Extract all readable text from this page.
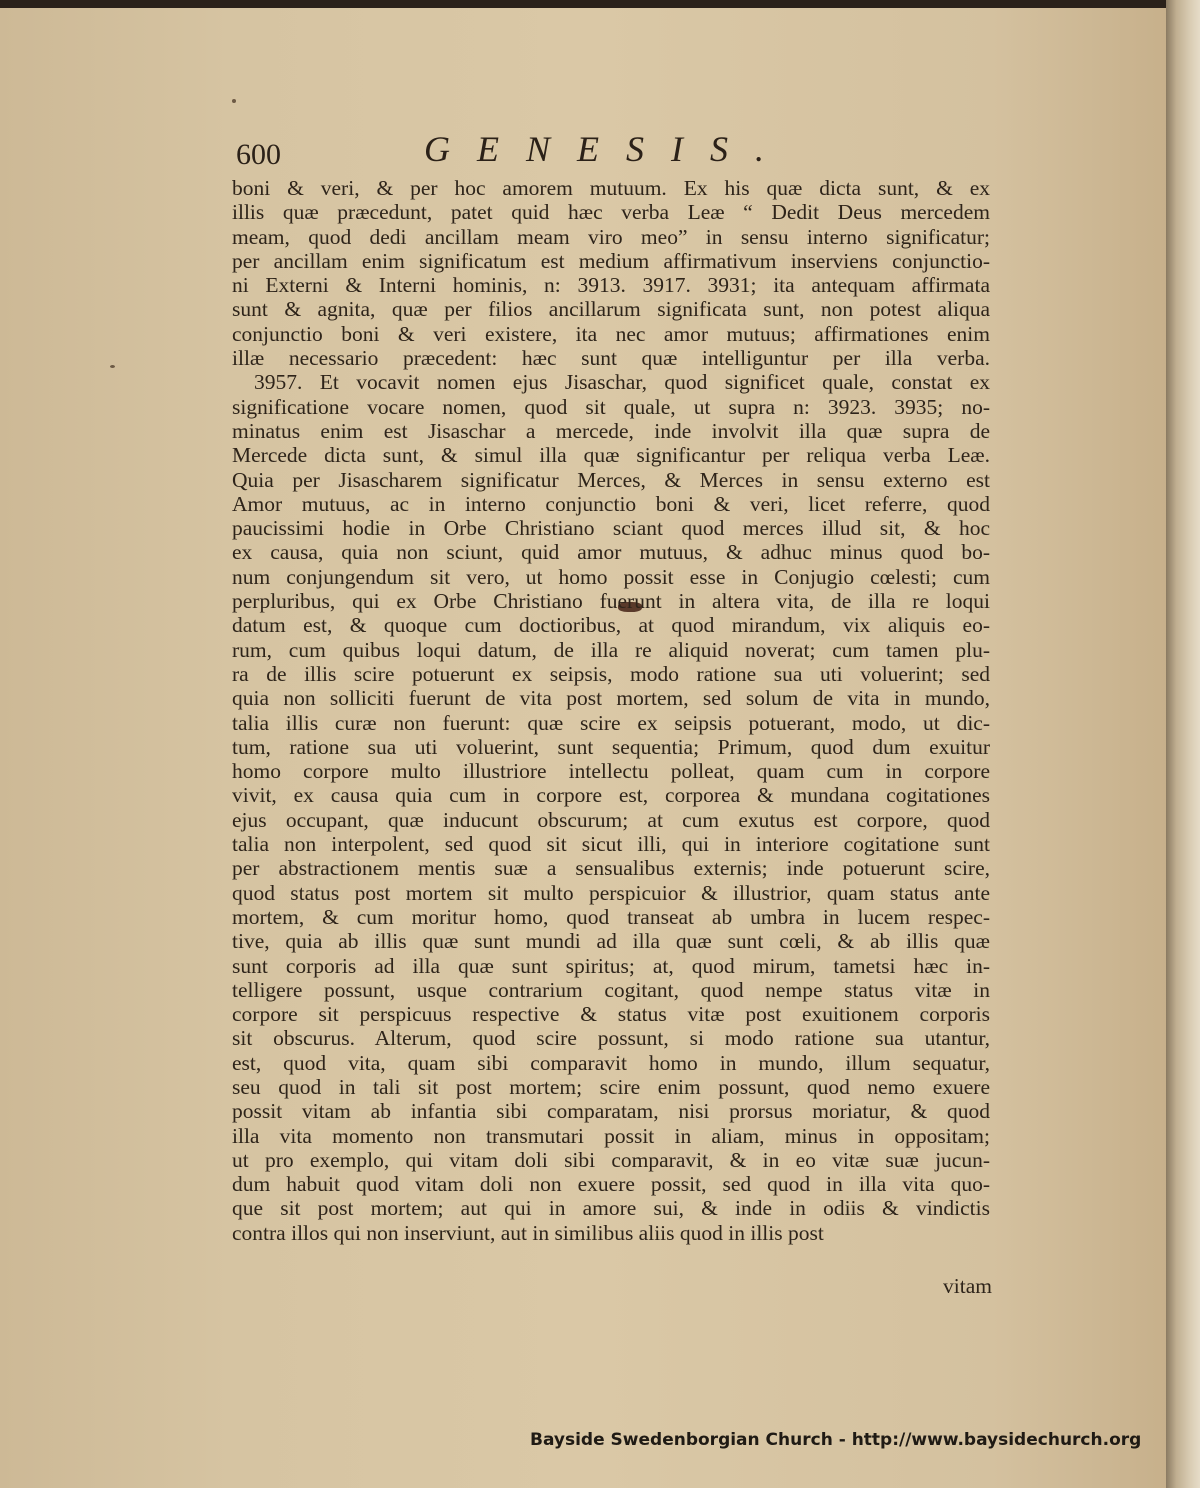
600	GENESIS.

boni & veri, & per hoc amorem mutuum. Ex his quæ dicta sunt, & ex

illis quæ præcedunt, patet quid hæc verba Leæ “ Dedit Deus mercedem

meam, quod dedi ancillam meam viro meo” in sensu interno significatur;

per ancillam enim significatum est medium affirmativum inserviens conjunctio-

ni Externi & Interni hominis, n: 3913. 3917. 3931; ita antequam affirmata

sunt & agnita, quæ per filios ancillarum significata sunt, non potest aliqua

conjunctio boni & veri existere, ita nec amor mutuus; affirmationes enim

illæ necessario præcedent: hæc sunt quæ intelliguntur per illa verba.

3957. Et vocavit nomen ejus Jisaschar, quod significet quale, constat ex

significatione vocare nomen, quod sit quale, ut supra n: 3923. 3935; no-

minatus enim est Jisaschar a mercede, inde involvit illa quæ supra de

Mercede dicta sunt, & simul illa quæ significantur per reliqua verba Leæ.

Quia per Jisascharem significatur Merces, & Merces in sensu externo est

Amor mutuus, ac in interno conjunctio boni & veri, licet referre, quod

paucissimi hodie in Orbe Christiano sciant quod merces illud sit, & hoc

ex causa, quia non sciunt, quid amor mutuus, & adhuc minus quod bo-

num conjungendum sit vero, ut homo possit esse in Conjugio cœlesti; cum

perpluribus, qui ex Orbe Christiano fuerunt in altera vita, de illa re loqui

datum est, & quoque cum doctioribus, at quod mirandum, vix aliquis eo-

rum, cum quibus loqui datum, de illa re aliquid noverat; cum tamen plu-

ra de illis scire potuerunt ex seipsis, modo ratione sua uti voluerint; sed

quia non solliciti fuerunt de vita post mortem, sed solum de vita in mundo,

talia illis curæ non fuerunt: quæ scire ex seipsis potuerant, modo, ut dic-

tum, ratione sua uti voluerint, sunt sequentia; Primum, quod dum exuitur

homo corpore multo illustriore intellectu polleat, quam cum in corpore

vivit, ex causa quia cum in corpore est, corporea & mundana cogitationes

ejus occupant, quæ inducunt obscurum; at cum exutus est corpore, quod

talia non interpolent, sed quod sit sicut illi, qui in interiore cogitatione sunt

per abstractionem mentis suæ a sensualibus externis; inde potuerunt scire,

quod status post mortem sit multo perspicuior & illustrior, quam status ante

mortem, & cum moritur homo, quod transeat ab umbra in lucem respec-

tive, quia ab illis quæ sunt mundi ad illa quæ sunt cœli, & ab illis quæ

sunt corporis ad illa quæ sunt spiritus; at, quod mirum, tametsi hæc in-

telligere possunt, usque contrarium cogitant, quod nempe status vitæ in

corpore sit perspicuus respective & status vitæ post exuitionem corporis

sit obscurus. Alterum, quod scire possunt, si modo ratione sua utantur,

est, quod vita, quam sibi comparavit homo in mundo, illum sequatur,

seu quod in tali sit post mortem; scire enim possunt, quod nemo exuere

possit vitam ab infantia sibi comparatam, nisi prorsus moriatur, & quod

illa vita momento non transmutari possit in aliam, minus in oppositam;

ut pro exemplo, qui vitam doli sibi comparavit, & in eo vitæ suæ jucun-

dum habuit quod vitam doli non exuere possit, sed quod in illa vita quo-

que sit post mortem; aut qui in amore sui, & inde in odiis & vindictis

contra illos qui non inserviunt, aut in similibus aliis quod in illis post

vitam
Bayside Swedenborgian Church - http://www.baysidechurch.org
